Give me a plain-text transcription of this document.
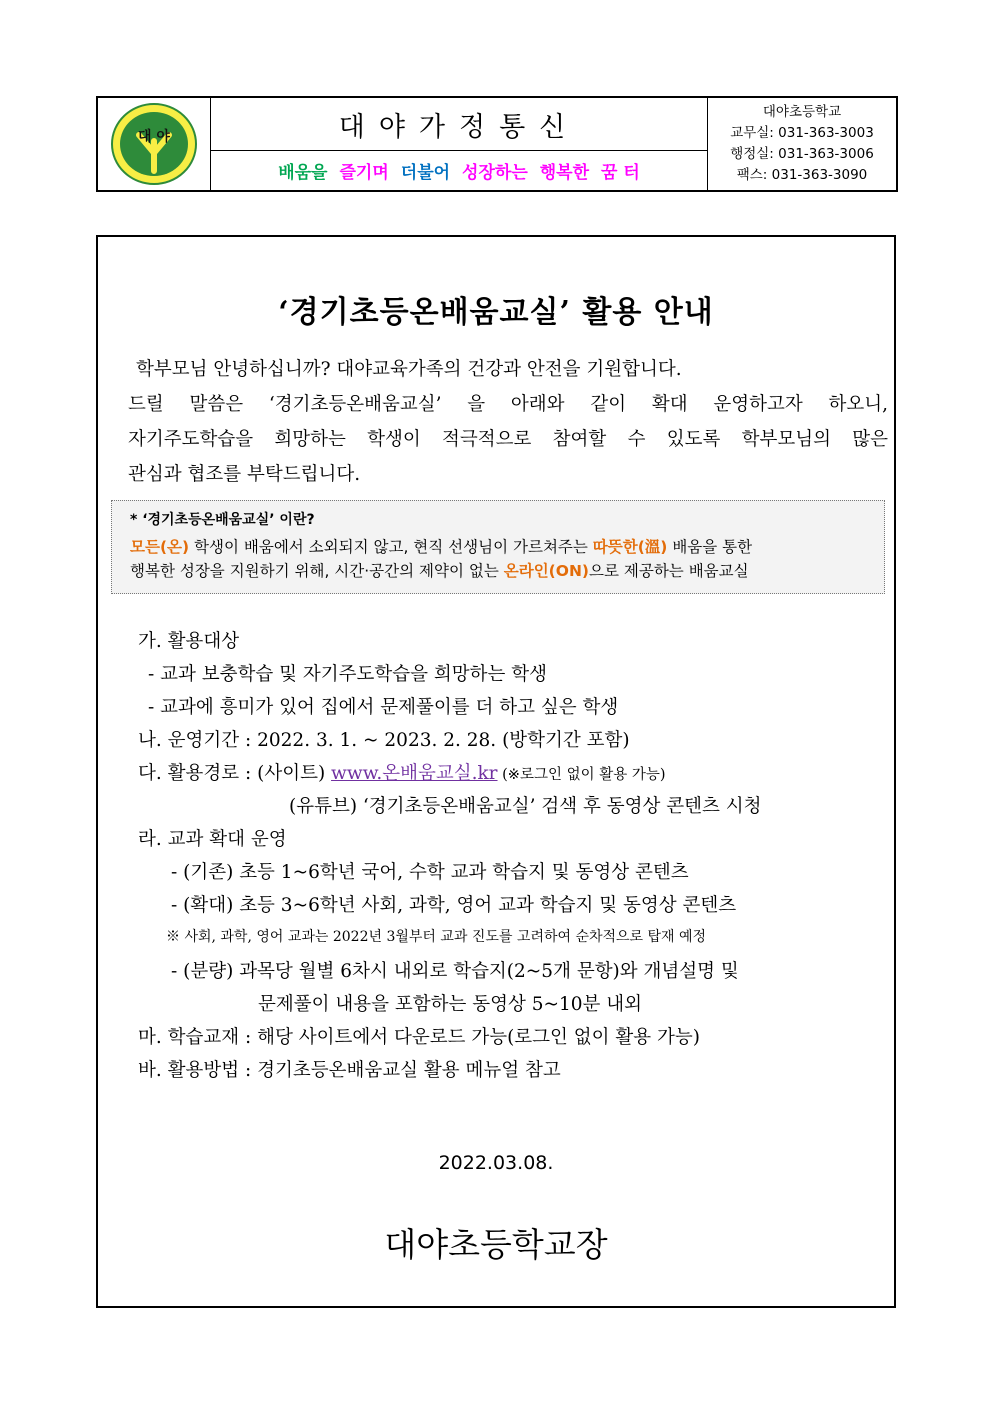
대 야	대야가정통신
배움을 즐기며 더불어 성장하는 행복한 꿈 터
대야초등학교
교무실: 031-363-3003
행정실: 031-363-3006
팩스: 031-363-3090
‘경기초등온배움교실’ 활용 안내

학부모님 안녕하십니까? 대야교육가족의 건강과 안전을 기원합니다.

드릴 말씀은 ‘경기초등온배움교실’ 을 아래와 같이 확대 운영하고자 하오니,

자기주도학습을 희망하는 학생이 적극적으로 참여할 수 있도록 학부모님의 많은

관심과 협조를 부탁드립니다.

* ‘경기초등온배움교실’ 이란?
모든(온) 학생이 배움에서 소외되지 않고, 현직 선생님이 가르쳐주는 따뜻한(溫) 배움을 통한
행복한 성장을 지원하기 위해, 시간·공간의 제약이 없는 온라인(ON)으로 제공하는 배움교실
가. 활용대상
- 교과 보충학습 및 자기주도학습을 희망하는 학생
- 교과에 흥미가 있어 집에서 문제풀이를 더 하고 싶은 학생
나. 운영기간 : 2022. 3. 1. ~ 2023. 2. 28. (방학기간 포함)
다. 활용경로 : (사이트) www.온배움교실.kr (※로그인 없이 활용 가능)
(유튜브) ‘경기초등온배움교실’ 검색 후 동영상 콘텐츠 시청
라. 교과 확대 운영
- (기존) 초등 1~6학년 국어, 수학 교과 학습지 및 동영상 콘텐츠
- (확대) 초등 3~6학년 사회, 과학, 영어 교과 학습지 및 동영상 콘텐츠
※ 사회, 과학, 영어 교과는 2022년 3월부터 교과 진도를 고려하여 순차적으로 탑재 예정
- (분량) 과목당 월별 6차시 내외로 학습지(2~5개 문항)와 개념설명 및
문제풀이 내용을 포함하는 동영상 5~10분 내외
마. 학습교재 : 해당 사이트에서 다운로드 가능(로그인 없이 활용 가능)
바. 활용방법 : 경기초등온배움교실 활용 메뉴얼 참고
2022.03.08.
대야초등학교장
